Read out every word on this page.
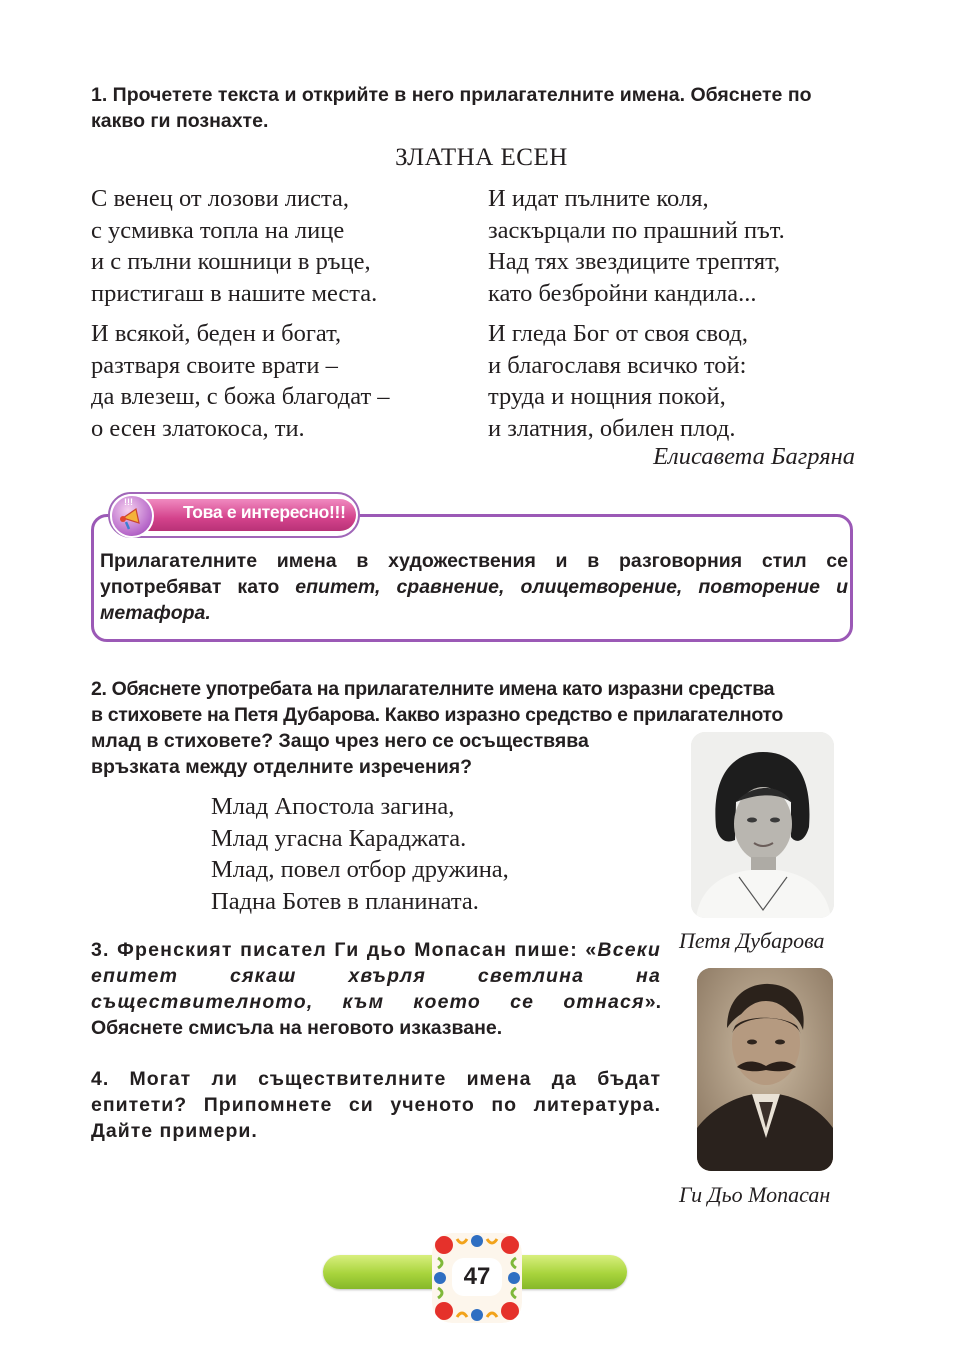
1. Прочетете текста и открийте в него прилагателните имена. Обяснете по какво ги познахте.
ЗЛАТНА ЕСЕН
С венец от лозови листа,
с усмивка топла на лице
и с пълни кошници в ръце,
пристигаш в нашите места.
И идат пълните коля,
заскърцали по прашний път.
Над тях звездиците трептят,
като безбройни кандила...
И всякой, беден и богат,
разтваря своите врати –
да влезеш, с божа благодат –
о есен златокоса, ти.
И гледа Бог от своя свод,
и благославя всичко той:
труда и нощния покой,
и златния, обилен плод.
Елисавета Багряна
!!!	Това е интересно!!!
Прилагателните имена в художествения и в разговорния стил се употребяват като епитет, сравнение, олицетворение, повторение и метафора.
2. Обяснете употребата на прилагателните имена като изразни средства
в стиховете на Петя Дубарова. Какво изразно средство е прилагателното
млад в стиховете? Защо чрез него се осъществява
връзката между отделните изречения?
Млад Апостола загина,
Млад угасна Караджата.
Млад, повел отбор дружина,
Падна Ботев в планината.
Петя Дубарова
3. Френският писател Ги дьо Мопасан пише: «Всеки епитет сякаш хвърля светлина на съществителното, към което се отнася». Обяснете смисъла на неговото изказване.
Ги Дьо Мопасан
4. Могат ли съществителните имена да бъдат епитети? Припомнете си ученото по литература. Дайте примери.
47
